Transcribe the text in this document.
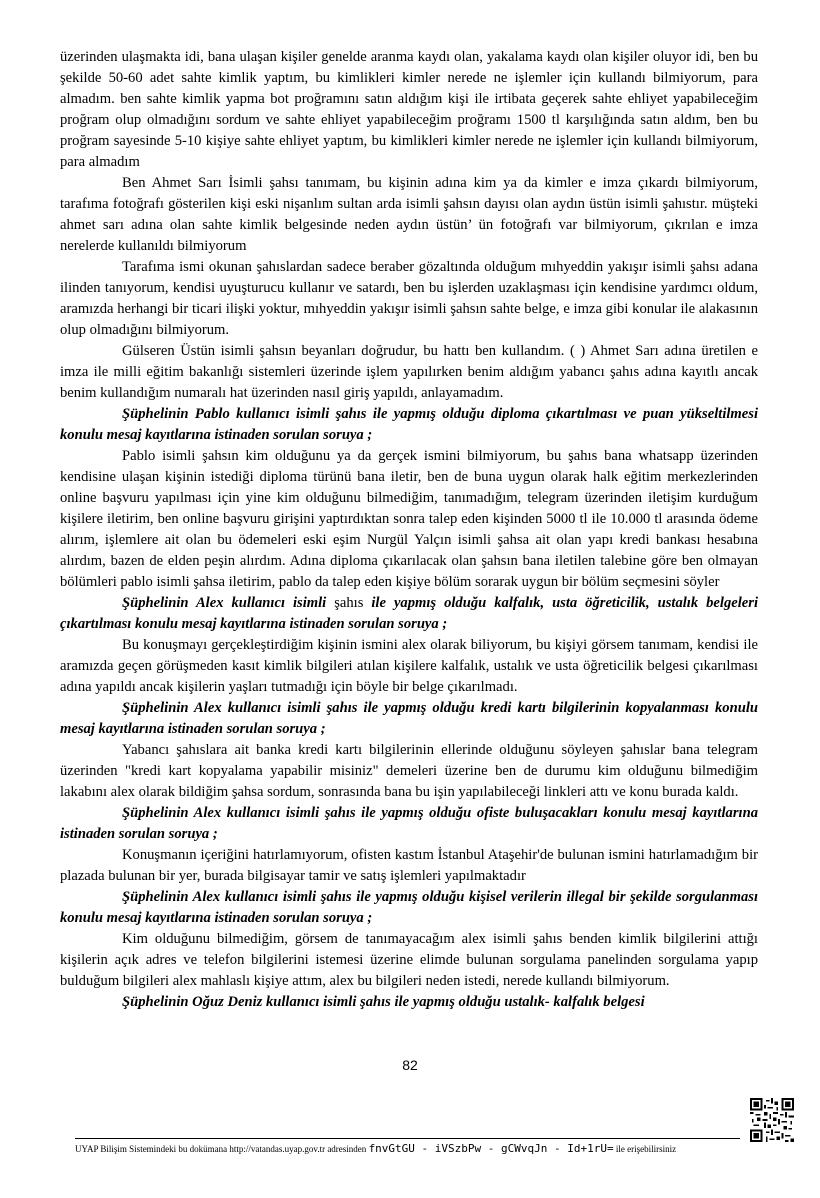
üzerinden ulaşmakta idi, bana ulaşan kişiler genelde aranma kaydı olan, yakalama kaydı olan kişiler oluyor idi, ben bu şekilde 50-60 adet sahte kimlik yaptım, bu kimlikleri kimler nerede ne işlemler için kullandı bilmiyorum, para almadım. ben sahte kimlik yapma bot proğramını satın aldığım kişi ile irtibata geçerek sahte ehliyet yapabileceğim proğram olup olmadığını sordum ve sahte ehliyet yapabileceğim proğramı 1500 tl karşılığında satın aldım, ben bu proğram sayesinde 5-10 kişiye sahte ehliyet yaptım, bu kimlikleri kimler nerede ne işlemler için kullandı bilmiyorum, para almadım

Ben Ahmet Sarı İsimli şahsı tanımam, bu kişinin adına kim ya da kimler e imza çıkardı bilmiyorum, tarafıma fotoğrafı gösterilen kişi eski nişanlım sultan arda isimli şahsın dayısı olan aydın üstün isimli şahıstır. müşteki ahmet sarı adına olan sahte kimlik belgesinde neden aydın üstün’ ün fotoğrafı var bilmiyorum, çıkrılan e imza nerelerde kullanıldı bilmiyorum

Tarafıma ismi okunan şahıslardan sadece beraber gözaltında olduğum mıhyeddin yakışır isimli şahsı adana ilinden tanıyorum, kendisi uyuşturucu kullanır ve satardı, ben bu işlerden uzaklaşması için kendisine yardımcı oldum, aramızda herhangi bir ticari ilişki yoktur, mıhyeddin yakışır isimli şahsın sahte belge, e imza gibi konular ile alakasının olup olmadığını bilmiyorum.

Gülseren Üstün isimli şahsın beyanları doğrudur, bu hattı ben kullandım. ( ) Ahmet Sarı adına üretilen e imza ile milli eğitim bakanlığı sistemleri üzerinde işlem yapılırken benim aldığım yabancı şahıs adına kayıtlı ancak benim kullandığım numaralı hat üzerinden nasıl giriş yapıldı, anlayamadım.

Şüphelinin Pablo kullanıcı isimli şahıs ile yapmış olduğu diploma çıkartılması ve puan yükseltilmesi konulu mesaj kayıtlarına istinaden sorulan soruya ;

Pablo isimli şahsın kim olduğunu ya da gerçek ismini bilmiyorum, bu şahıs bana whatsapp üzerinden kendisine ulaşan kişinin istediği diploma türünü bana iletir, ben de buna uygun olarak halk eğitim merkezlerinden online başvuru yapılması için yine kim olduğunu bilmediğim, tanımadığım, telegram üzerinden iletişim kurduğum kişilere iletirim, ben online başvuru girişini yaptırdıktan sonra talep eden kişinden 5000 tl ile 10.000 tl arasında ödeme alırım, işlemlere ait olan bu ödemeleri eski eşim Nurgül Yalçın isimli şahsa ait olan yapı kredi bankası hesabına alırdım, bazen de elden peşin alırdım. Adına diploma çıkarılacak olan şahsın bana iletilen talebine göre ben olmayan bölümleri pablo isimli şahsa iletirim, pablo da talep eden kişiye bölüm sorarak uygun bir bölüm seçmesini söyler

Şüphelinin Alex kullanıcı isimli şahıs ile yapmış olduğu kalfalık, usta öğreticilik, ustalık belgeleri çıkartılması konulu mesaj kayıtlarına istinaden sorulan soruya ;

Bu konuşmayı gerçekleştirdiğim kişinin ismini alex olarak biliyorum, bu kişiyi görsem tanımam, kendisi ile aramızda geçen görüşmeden kasıt kimlik bilgileri atılan kişilere kalfalık, ustalık ve usta öğreticilik belgesi çıkarılması adına yapıldı ancak kişilerin yaşları tutmadığı için böyle bir belge çıkarılmadı.

Şüphelinin Alex kullanıcı isimli şahıs ile yapmış olduğu kredi kartı bilgilerinin kopyalanması konulu mesaj kayıtlarına istinaden sorulan soruya ;

Yabancı şahıslara ait banka kredi kartı bilgilerinin ellerinde olduğunu söyleyen şahıslar bana telegram üzerinden "kredi kart kopyalama yapabilir misiniz" demeleri üzerine ben de durumu kim olduğunu bilmediğim lakabını alex olarak bildiğim şahsa sordum, sonrasında bana bu işin yapılabileceği linkleri attı ve konu burada kaldı.

Şüphelinin Alex kullanıcı isimli şahıs ile yapmış olduğu ofiste buluşacakları konulu mesaj kayıtlarına istinaden sorulan soruya ;

Konuşmanın içeriğini hatırlamıyorum, ofisten kastım İstanbul Ataşehir'de bulunan ismini hatırlamadığım bir plazada bulunan bir yer, burada bilgisayar tamir ve satış işlemleri yapılmaktadır

Şüphelinin Alex kullanıcı isimli şahıs ile yapmış olduğu kişisel verilerin illegal bir şekilde sorgulanması konulu mesaj kayıtlarına istinaden sorulan soruya ;

Kim olduğunu bilmediğim, görsem de tanımayacağım alex isimli şahıs benden kimlik bilgilerini attığı kişilerin açık adres ve telefon bilgilerini istemesi üzerine elimde bulunan sorgulama panelinden sorgulama yapıp bulduğum bilgileri alex mahlaslı kişiye attım, alex bu bilgileri neden istedi, nerede kullandı bilmiyorum.

Şüphelinin Oğuz Deniz kullanıcı isimli şahıs ile yapmış olduğu ustalık- kalfalık belgesi

82
UYAP Bilişim Sistemindeki bu dokümana http://vatandas.uyap.gov.tr adresinden fnvGtGU - iVSzbPw - gCWvqJn - Id+1rU= ile erişebilirsiniz
